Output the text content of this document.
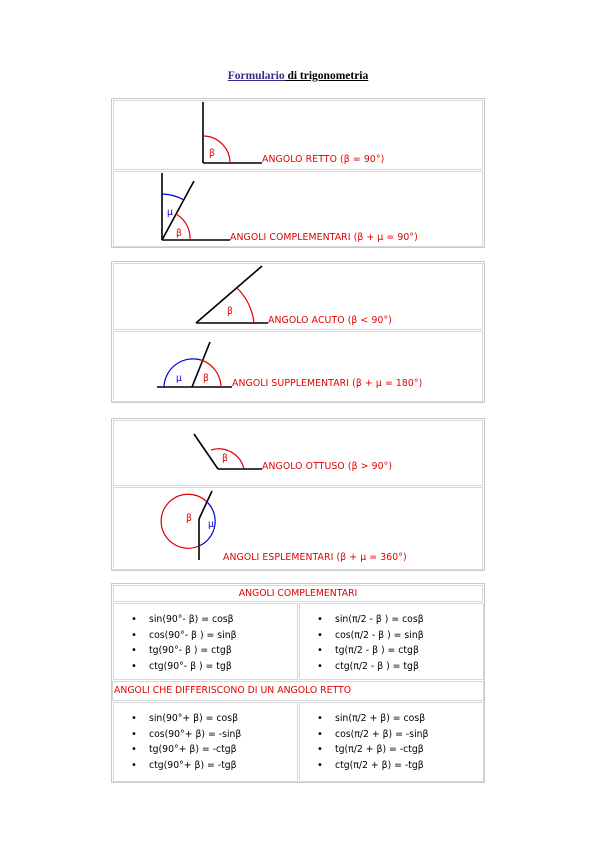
Formulario di trigonometria
β
μ
β
β
μ β
β
β
μ
ANGOLO RETTO (β = 90°)
ANGOLI COMPLEMENTARI (β + μ = 90°)
ANGOLO ACUTO (β < 90°)
ANGOLI SUPPLEMENTARI (β + μ = 180°)
ANGOLO OTTUSO (β > 90°)
ANGOLI ESPLEMENTARI (β + μ = 360°)
ANGOLI COMPLEMENTARI
• sin(90°- β) = cosβ
• cos(90°- β ) = sinβ
• tg(90°- β ) = ctgβ
• ctg(90°- β ) = tgβ
• sin(π/2 - β ) = cosβ
• cos(π/2 - β ) = sinβ
• tg(π/2 - β ) = ctgβ
• ctg(π/2 - β ) = tgβ
ANGOLI CHE DIFFERISCONO DI UN ANGOLO RETTO
• sin(90°+ β) = cosβ
• cos(90°+ β) = -sinβ
• tg(90°+ β) = -ctgβ
• ctg(90°+ β) = -tgβ
• sin(π/2 + β) = cosβ
• cos(π/2 + β) = -sinβ
• tg(π/2 + β) = -ctgβ
• ctg(π/2 + β) = -tgβ
